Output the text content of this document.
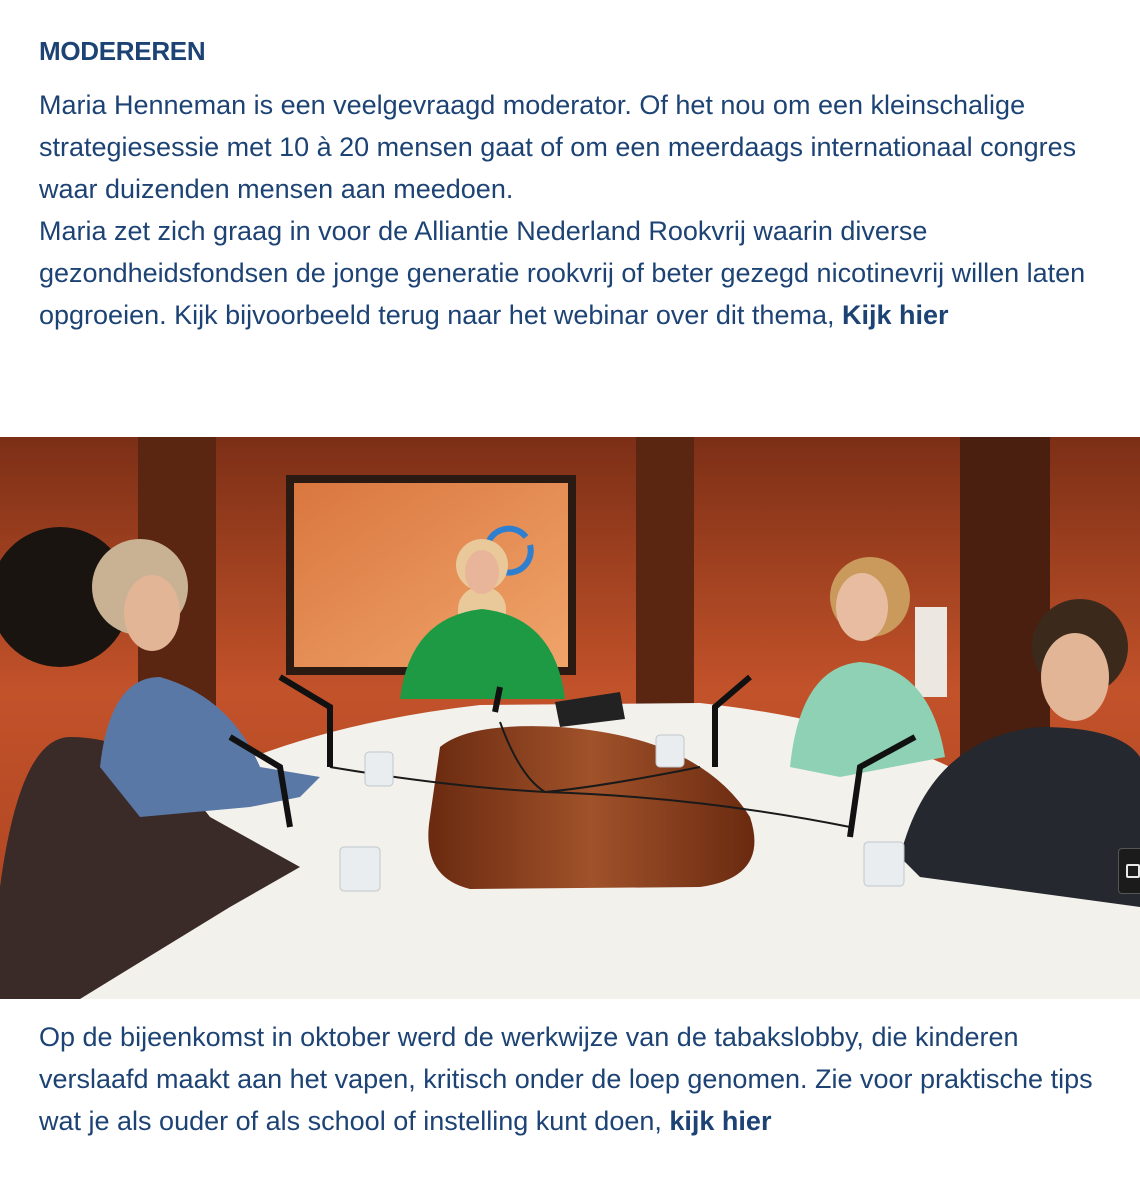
MODEREREN

Maria Henneman is een veelgevraagd moderator. Of het nou om een kleinschalige strategiesessie met 10 à 20 mensen gaat of om een meerdaags internationaal congres waar duizenden mensen aan meedoen.

Maria zet zich graag in voor de Alliantie Nederland Rookvrij waarin diverse gezondheidsfondsen de jonge generatie rookvrij of beter gezegd nicotinevrij willen laten opgroeien. Kijk bijvoorbeeld terug naar het webinar over dit thema, Kijk hier

Op de bijeenkomst in oktober werd de werkwijze van de tabakslobby, die kinderen verslaafd maakt aan het vapen, kritisch onder de loep genomen. Zie voor praktische tips wat je als ouder of als school of instelling kunt doen, kijk hier
